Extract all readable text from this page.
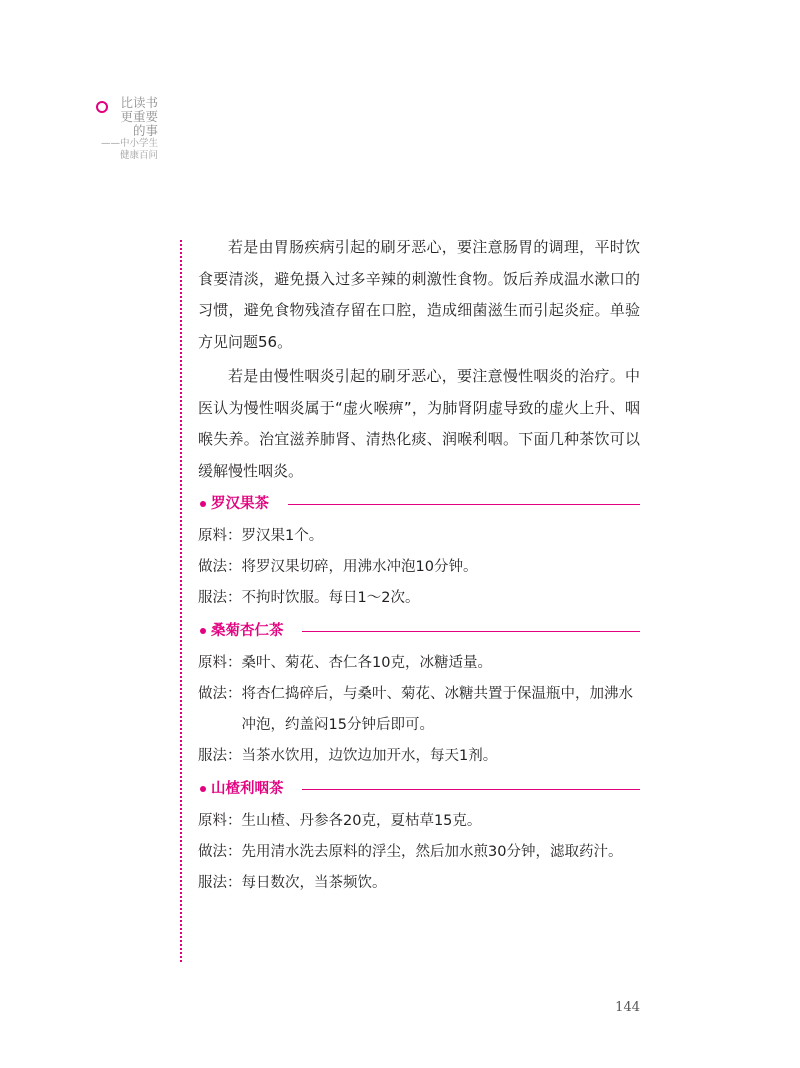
比读书
更重要
的事
——中小学生
健康百问

若是由胃肠疾病引起的刷牙恶心，要注意肠胃的调理，平时饮食要清淡，避免摄入过多辛辣的刺激性食物。饭后养成温水漱口的习惯，避免食物残渣存留在口腔，造成细菌滋生而引起炎症。单验方见问题56。

若是由慢性咽炎引起的刷牙恶心，要注意慢性咽炎的治疗。中医认为慢性咽炎属于“虚火喉痹”，为肺肾阴虚导致的虚火上升、咽喉失养。治宜滋养肺肾、清热化痰、润喉利咽。下面几种茶饮可以缓解慢性咽炎。

罗汉果茶
原料： 罗汉果1个。
做法： 将罗汉果切碎，用沸水冲泡10分钟。
服法： 不拘时饮服。每日1～2次。
桑菊杏仁茶
原料： 桑叶、菊花、杏仁各10克，冰糖适量。
做法： 将杏仁捣碎后，与桑叶、菊花、冰糖共置于保温瓶中，加沸水冲泡，约盖闷15分钟后即可。
服法： 当茶水饮用，边饮边加开水，每天1剂。
山楂利咽茶
原料： 生山楂、丹参各20克，夏枯草15克。
做法： 先用清水洗去原料的浮尘，然后加水煎30分钟，滤取药汁。
服法： 每日数次，当茶频饮。
144
